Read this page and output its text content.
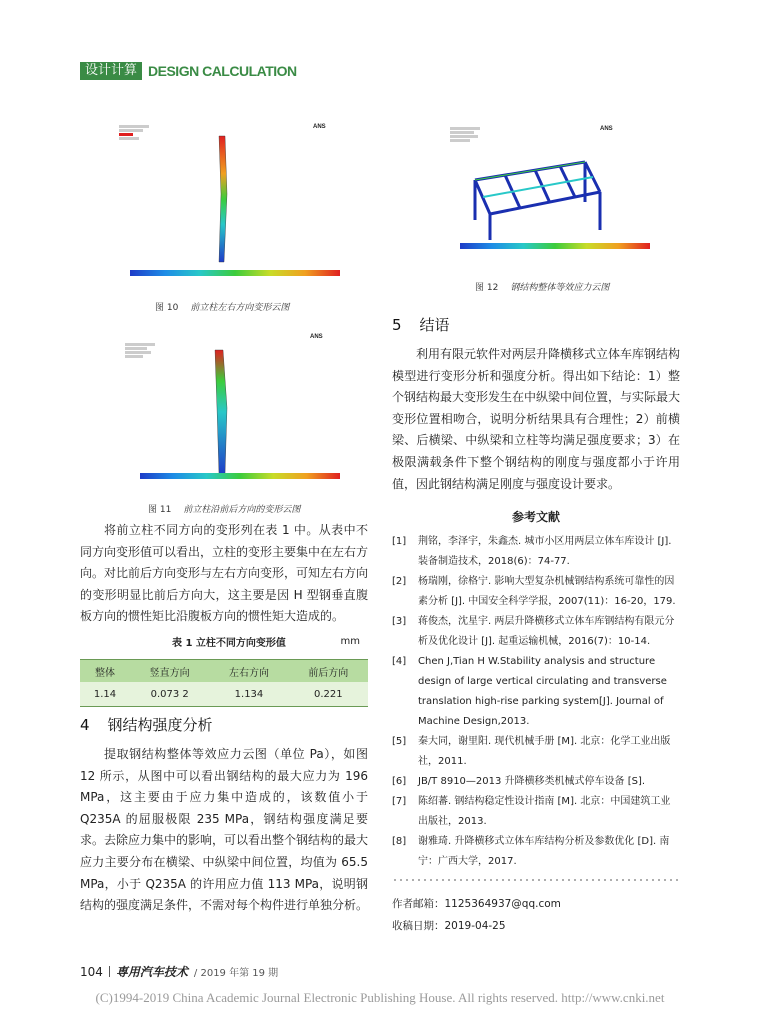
设计计算 DESIGN CALCULATION
ANS
图 10 前立柱左右方向变形云图
ANS
图 11 前立柱沿前后方向的变形云图
ANS
图 12 钢结构整体等效应力云图
将前立柱不同方向的变形列在表 1 中。从表中不同方向变形值可以看出，立柱的变形主要集中在左右方向。对比前后方向变形与左右方向变形，可知左右方向的变形明显比前后方向大，这主要是因 H 型钢垂直腹板方向的惯性矩比沿腹板方向的惯性矩大造成的。
表 1 立柱不同方向变形值	mm
整体	竖直方向	左右方向	前后方向
1.14	0.073 2	1.134	0.221
4 钢结构强度分析
提取钢结构整体等效应力云图（单位 Pa），如图 12 所示，从图中可以看出钢结构的最大应力为 196 MPa，这主要由于应力集中造成的，该数值小于 Q235A 的屈服极限 235 MPa，钢结构强度满足要求。去除应力集中的影响，可以看出整个钢结构的最大应力主要分布在横梁、中纵梁中间位置，均值为 65.5 MPa，小于 Q235A 的许用应力值 113 MPa，说明钢结构的强度满足条件，不需对每个构件进行单独分析。
5 结语
利用有限元软件对两层升降横移式立体车库钢结构模型进行变形分析和强度分析。得出如下结论：1）整个钢结构最大变形发生在中纵梁中间位置，与实际最大变形位置相吻合，说明分析结果具有合理性；2）前横梁、后横梁、中纵梁和立柱等均满足强度要求；3）在极限满载条件下整个钢结构的刚度与强度都小于许用值，因此钢结构满足刚度与强度设计要求。
参考文献
[1]	荆铭，李泽宇，朱鑫杰. 城市小区用两层立体车库设计 [J]. 装备制造技术，2018(6)：74-77.
[2]	杨瑞刚，徐格宁. 影响大型复杂机械钢结构系统可靠性的因素分析 [J]. 中国安全科学学报，2007(11)：16-20，179.
[3]	蒋俊杰，沈星宇. 两层升降横移式立体车库钢结构有限元分析及优化设计 [J]. 起重运输机械，2016(7)：10-14.
[4]	Chen J,Tian H W.Stability analysis and structure design of large vertical circulating and transverse translation high-rise parking system[J]. Journal of Machine Design,2013.
[5]	秦大同，谢里阳. 现代机械手册 [M]. 北京：化学工业出版社，2011.
[6]	JB/T 8910—2013 升降横移类机械式停车设备 [S].
[7]	陈绍蕃. 钢结构稳定性设计指南 [M]. 北京：中国建筑工业出版社，2013.
[8]	谢雅琦. 升降横移式立体车库结构分析及参数优化 [D]. 南宁：广西大学，2017.
作者邮箱：1125364937@qq.com
收稿日期：2019-04-25
104 専用汽车技术 / 2019 年第 19 期
(C)1994-2019 China Academic Journal Electronic Publishing House. All rights reserved. http://www.cnki.net
